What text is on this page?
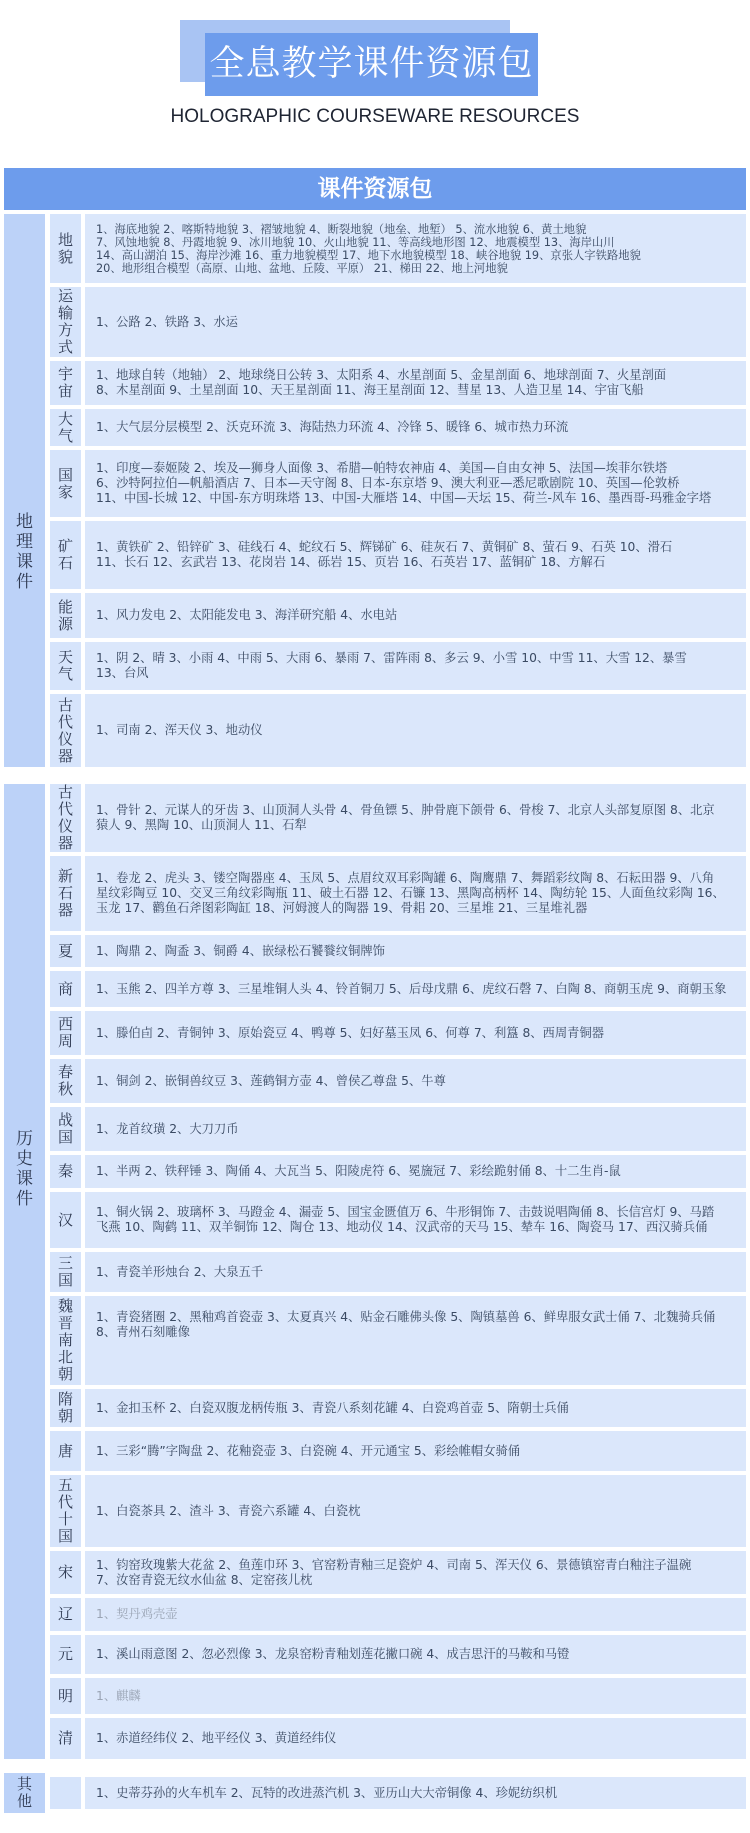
全息教学课件资源包
HOLOGRAPHIC COURSEWARE RESOURCES
课件资源包
地理课件
地貌

1、海底地貌 2、喀斯特地貌 3、褶皱地貌 4、断裂地貌（地垒、地堑） 5、流水地貌 6、黄土地貌
7、风蚀地貌 8、丹霞地貌 9、冰川地貌 10、火山地貌 11、等高线地形图 12、地震模型 13、海岸山川
14、高山湖泊 15、海岸沙滩 16、重力地貌模型 17、地下水地貌模型 18、峡谷地貌 19、京张人字铁路地貌
20、地形组合模型（高原、山地、盆地、丘陵、平原） 21、梯田 22、地上河地貌

运输方式

1、公路 2、铁路 3、水运

宇宙

1、地球自转（地轴） 2、地球绕日公转 3、太阳系 4、水星剖面 5、金星剖面 6、地球剖面 7、火星剖面
8、木星剖面 9、土星剖面 10、天王星剖面 11、海王星剖面 12、彗星 13、人造卫星 14、宇宙飞船

大气 1、大气层分层模型 2、沃克环流 3、海陆热力环流 4、冷锋 5、暖锋 6、城市热力环流

国家

1、印度—泰姬陵 2、埃及—狮身人面像 3、希腊—帕特农神庙 4、美国—自由女神 5、法国—埃菲尔铁塔
6、沙特阿拉伯—帆船酒店 7、日本—天守阁 8、日本-东京塔 9、澳大利亚—悉尼歌剧院 10、英国—伦敦桥
11、中国-长城 12、中国-东方明珠塔 13、中国-大雁塔 14、中国—天坛 15、荷兰-风车 16、墨西哥-玛雅金字塔

矿石

1、黄铁矿 2、铅锌矿 3、硅线石 4、蛇纹石 5、辉锑矿 6、硅灰石 7、黄铜矿 8、萤石 9、石英 10、滑石
11、长石 12、玄武岩 13、花岗岩 14、砾岩 15、页岩 16、石英岩 17、蓝铜矿 18、方解石

能源 1、风力发电 2、太阳能发电 3、海洋研究船 4、水电站

天气

1、阴 2、晴 3、小雨 4、中雨 5、大雨 6、暴雨 7、雷阵雨 8、多云 9、小雪 10、中雪 11、大雪 12、暴雪
13、台风

古代仪器

1、司南 2、浑天仪 3、地动仪

历史课件
古代仪器

1、骨针 2、元谋人的牙齿 3、山顶洞人头骨 4、骨鱼镖 5、肿骨鹿下颌骨 6、骨梭 7、北京人头部复原图 8、北京
猿人 9、黑陶 10、山顶洞人 11、石犁

新石器

1、卷龙 2、虎头 3、镂空陶器座 4、玉凤 5、点眉纹双耳彩陶罐 6、陶鹰鼎 7、舞蹈彩纹陶 8、石耘田器 9、八角
星纹彩陶豆 10、交叉三角纹彩陶瓶 11、破土石器 12、石镰 13、黑陶高柄杯 14、陶纺轮 15、人面鱼纹彩陶 16、
玉龙 17、鹳鱼石斧图彩陶缸 18、河姆渡人的陶器 19、骨耜 20、三星堆 21、三星堆礼器

夏 1、陶鼎 2、陶盉 3、铜爵 4、嵌绿松石饕餮纹铜牌饰

商 1、玉熊 2、四羊方尊 3、三星堆铜人头 4、铃首铜刀 5、后母戊鼎 6、虎纹石磬 7、白陶 8、商朝玉虎 9、商朝玉象

西周 1、滕伯卣 2、青铜钟 3、原始瓷豆 4、鸭尊 5、妇好墓玉凤 6、何尊 7、利簋 8、西周青铜器

春秋 1、铜剑 2、嵌铜兽纹豆 3、莲鹤铜方壶 4、曾侯乙尊盘 5、牛尊

战国 1、龙首纹璜 2、大刀刀币

秦 1、半两 2、铁秤锤 3、陶俑 4、大瓦当 5、阳陵虎符 6、冕旒冠 7、彩绘跪射俑 8、十二生肖-鼠

汉 1、铜火锅 2、玻璃杯 3、马蹬金 4、漏壶 5、国宝金匮值万 6、牛形铜饰 7、击鼓说唱陶俑 8、长信宫灯 9、马踏
飞燕 10、陶鹤 11、双羊铜饰 12、陶仓 13、地动仪 14、汉武帝的天马 15、辇车 16、陶瓷马 17、西汉骑兵俑

三国 1、青瓷羊形烛台 2、大泉五千

魏晋南北朝

1、青瓷猪圈 2、黑釉鸡首瓷壶 3、太夏真兴 4、贴金石雕佛头像 5、陶镇墓兽 6、鲜卑服女武士俑 7、北魏骑兵俑
8、青州石刻雕像

隋朝 1、金扣玉杯 2、白瓷双腹龙柄传瓶 3、青瓷八系刻花罐 4、白瓷鸡首壶 5、隋朝士兵俑

唐 1、三彩“腾”字陶盘 2、花釉瓷壶 3、白瓷碗 4、开元通宝 5、彩绘帷帽女骑俑

五代十国

1、白瓷茶具 2、渣斗 3、青瓷六系罐 4、白瓷枕

宋 1、钧窑玫瑰紫大花盆 2、鱼莲巾环 3、官窑粉青釉三足瓷炉 4、司南 5、浑天仪 6、景德镇窑青白釉注子温碗
7、汝窑青瓷无纹水仙盆 8、定窑孩儿枕

辽 1、契丹鸡壳壶

元 1、溪山雨意图 2、忽必烈像 3、龙泉窑粉青釉划莲花撇口碗 4、成吉思汗的马鞍和马镫

明 1、麒麟

清 1、赤道经纬仪 2、地平经仪 3、黄道经纬仪

其他	1、史蒂芬孙的火车机车 2、瓦特的改进蒸汽机 3、亚历山大大帝铜像 4、珍妮纺织机
